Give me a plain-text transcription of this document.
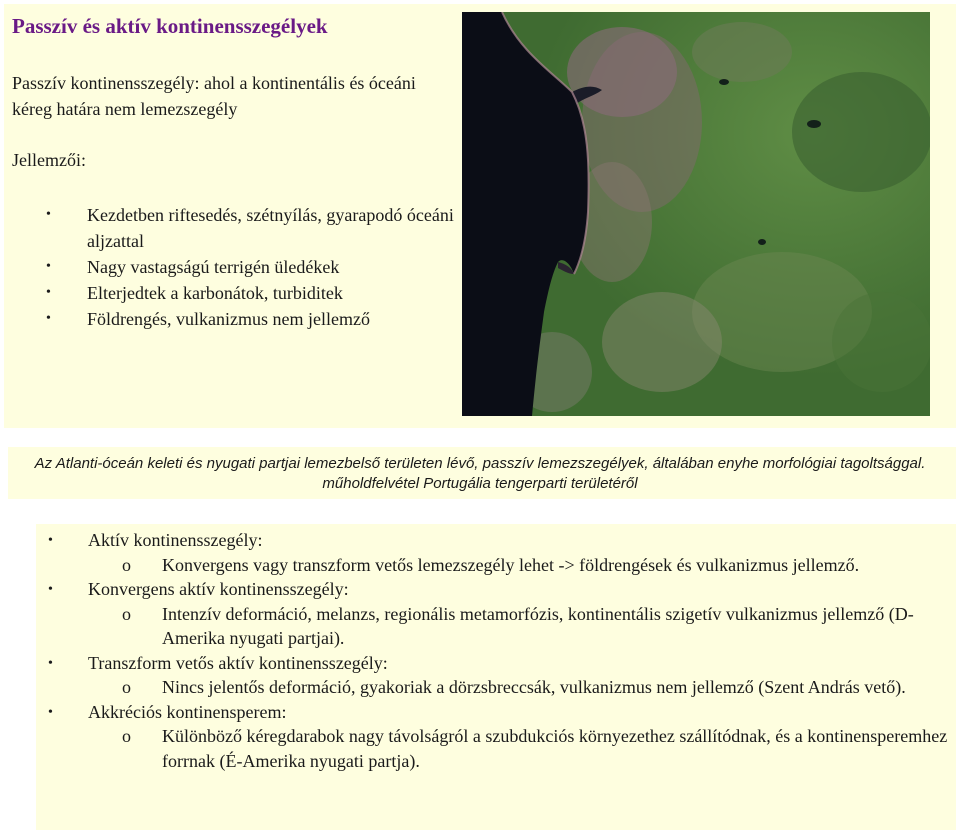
Passzív és aktív kontinensszegélyek

Passzív kontinensszegély: ahol a kontinentális és óceáni kéreg határa nem lemezszegély

Jellemzői:

• Kezdetben riftesedés, szétnyílás, gyarapodó óceáni aljzattal
• Nagy vastagságú terrigén üledékek
• Elterjedtek a karbonátok, turbiditek
• Földrengés, vulkanizmus nem jellemző

Az Atlanti-óceán keleti és nyugati partjai lemezbelső területen lévő, passzív lemezszegélyek, általában enyhe morfológiai tagoltsággal. műholdfelvétel Portugália tengerparti területéről

• Aktív kontinensszegély:
o Konvergens vagy transzform vetős lemezszegély lehet -> földrengések és vulkanizmus jellemző.
• Konvergens aktív kontinensszegély:
o Intenzív deformáció, melanzs, regionális metamorfózis, kontinentális szigetív vulkanizmus jellemző (D-Amerika nyugati partjai).
• Transzform vetős aktív kontinensszegély:
o Nincs jelentős deformáció, gyakoriak a dörzsbreccsák, vulkanizmus nem jellemző (Szent András vető).
• Akkréciós kontinensperem:
o Különböző kéregdarabok nagy távolságról a szubdukciós környezethez szállítódnak, és a kontinensperemhez forrnak (É-Amerika nyugati partja).
